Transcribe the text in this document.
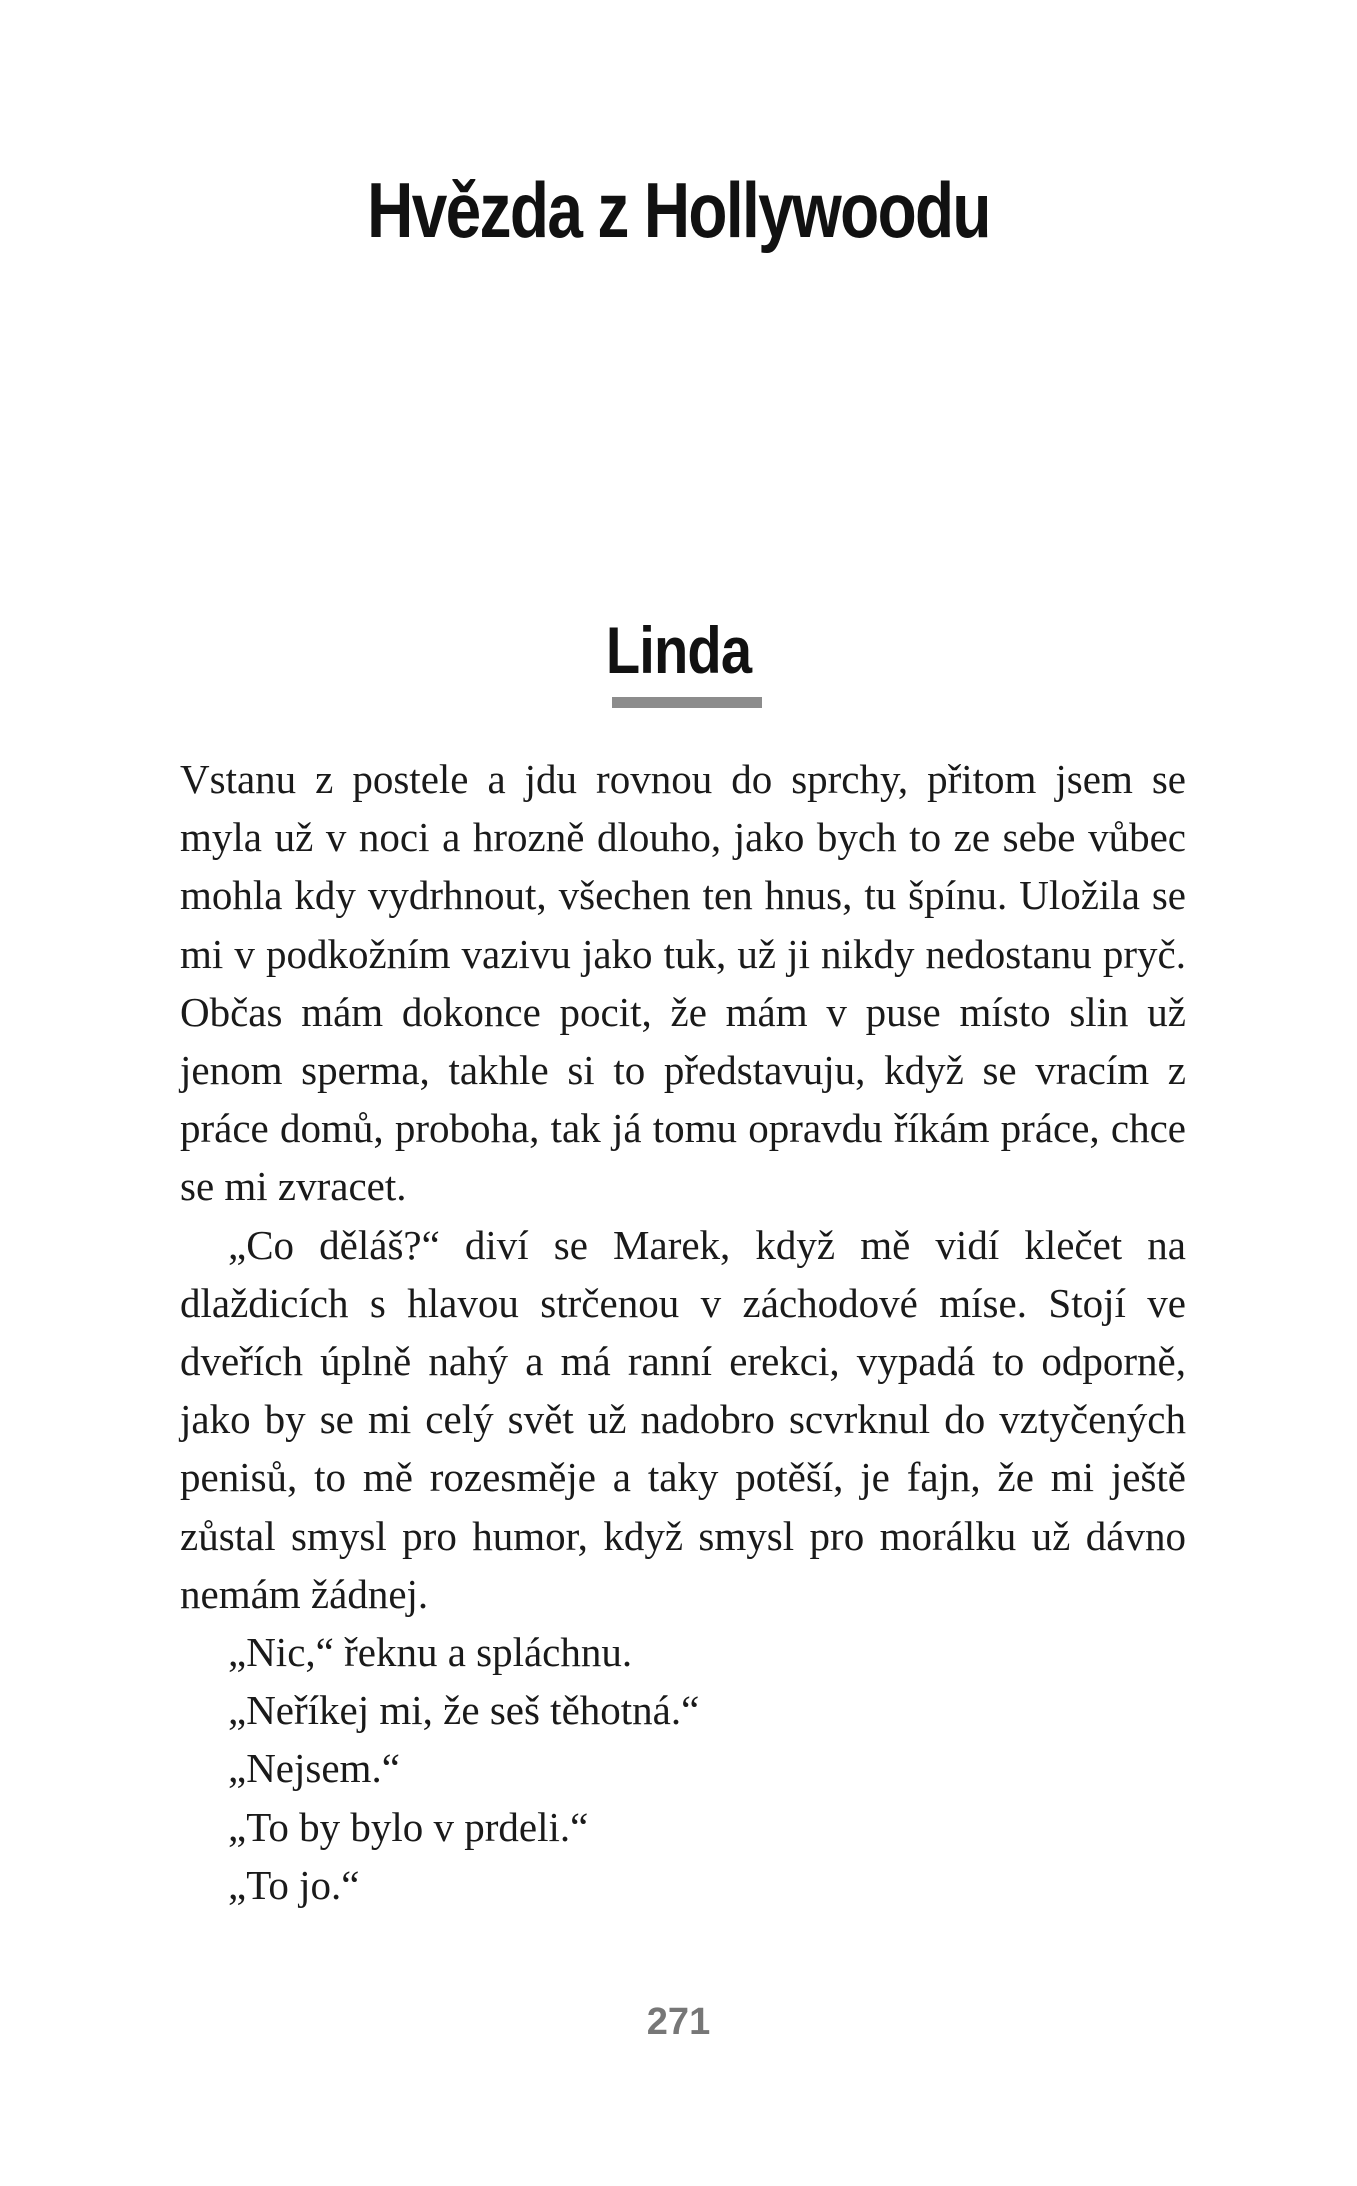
Hvězda z Hollywoodu
Linda

Vstanu z postele a jdu rovnou do sprchy, přitom jsem se myla už v noci a hrozně dlouho, jako bych to ze sebe vůbec mohla kdy vydrhnout, všechen ten hnus, tu špínu. Uložila se mi v podkožním vazivu jako tuk, už ji nikdy nedostanu pryč. Občas mám dokonce pocit, že mám v puse místo slin už jenom sperma, takhle si to představuju, když se vracím z práce domů, proboha, tak já tomu opravdu říkám práce, chce se mi zvracet.

„Co děláš?“ diví se Marek, když mě vidí klečet na dlaždicích s hlavou strčenou v záchodové míse. Stojí ve dveřích úplně nahý a má ranní erekci, vypadá to odporně, jako by se mi celý svět už nadobro scvrknul do vztyčených penisů, to mě rozesměje a taky potěší, je fajn, že mi ještě zůstal smysl pro humor, když smysl pro morálku už dávno nemám žádnej.

„Nic,“ řeknu a spláchnu.

„Neříkej mi, že seš těhotná.“

„Nejsem.“

„To by bylo v prdeli.“

„To jo.“

271
